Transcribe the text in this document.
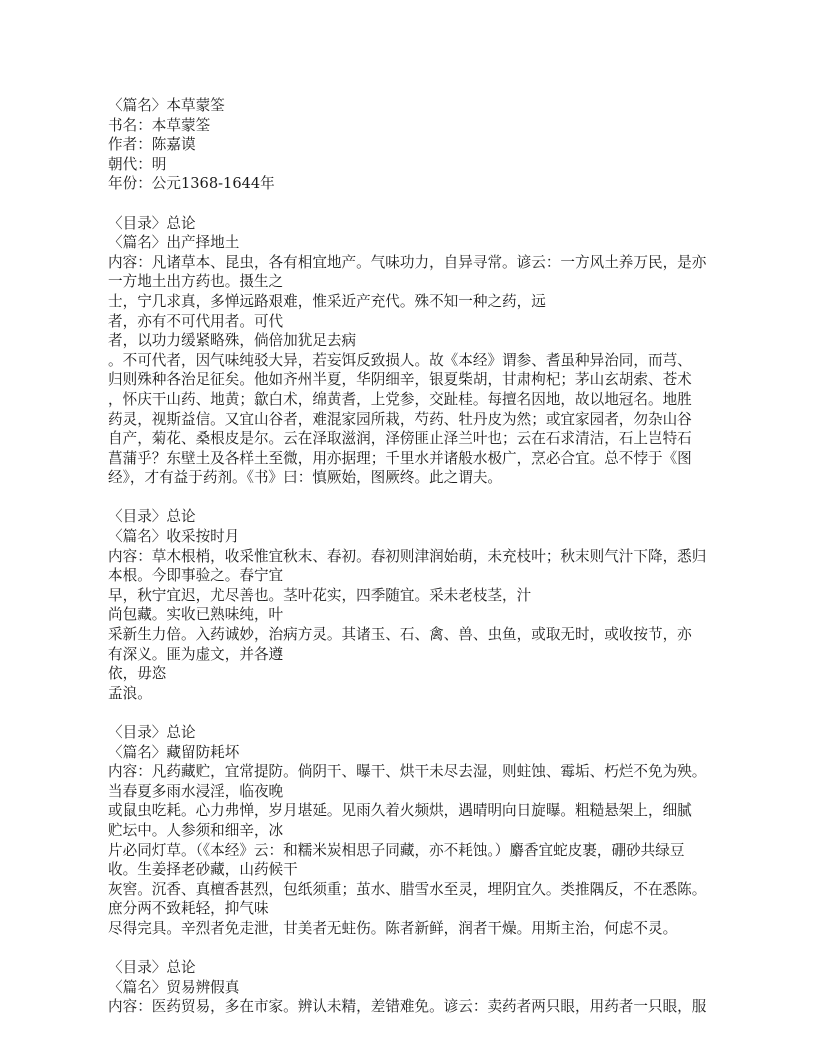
〈篇名〉本草蒙筌
书名：本草蒙筌
作者：陈嘉谟
朝代：明
年份：公元1368-1644年
〈目录〉总论
〈篇名〉出产择地土
内容：凡诸草本、昆虫，各有相宜地产。气味功力，自异寻常。谚云：一方风土养万民，是亦
一方地土出方药也。摄生之
士，宁几求真，多惮远路艰难，惟采近产充代。殊不知一种之药，远
者，亦有不可代用者。可代
者，以功力缓紧略殊，倘倍加犹足去病
。不可代者，因气味纯驳大异，若妄饵反致损人。故《本经》谓参、耆虽种异治同，而芎、
归则殊种各治足征矣。他如齐州半夏，华阴细辛，银夏柴胡，甘肃枸杞；茅山玄胡索、苍术
，怀庆干山药、地黄；歙白术，绵黄耆，上党参，交趾桂。每擅名因地，故以地冠名。地胜
药灵，视斯益信。又宜山谷者，难混家园所栽，芍药、牡丹皮为然；或宜家园者，勿杂山谷
自产，菊花、桑根皮是尔。云在泽取滋润，泽傍匪止泽兰叶也；云在石求清洁，石上岂特石
菖蒲乎？东壁土及各样土至微，用亦据理；千里水并诸般水极广，烹必合宜。总不悖于《图
经》，才有益于药剂。《书》曰：慎厥始，图厥终。此之谓夫。
〈目录〉总论
〈篇名〉收采按时月
内容：草木根梢，收采惟宜秋末、春初。春初则津润始萌，未充枝叶；秋末则气汁下降，悉归
本根。今即事验之。春宁宜
早，秋宁宜迟，尤尽善也。茎叶花实，四季随宜。采未老枝茎，汁
尚包藏。实收已熟味纯，叶
采新生力倍。入药诚妙，治病方灵。其诸玉、石、禽、兽、虫鱼，或取无时，或收按节，亦
有深义。匪为虚文，并各遵
依，毋恣
孟浪。
〈目录〉总论
〈篇名〉藏留防耗坏
内容：凡药藏贮，宜常提防。倘阴干、曝干、烘干未尽去湿，则蛀蚀、霉垢、朽烂不免为殃。
当春夏多雨水浸淫，临夜晚
或鼠虫吃耗。心力弗惮，岁月堪延。见雨久着火频烘，遇晴明向日旋曝。粗糙悬架上，细腻
贮坛中。人参须和细辛，冰
片必同灯草。（《本经》云：和糯米炭相思子同藏，亦不耗蚀。）麝香宜蛇皮裹，硼砂共绿豆
收。生姜择老砂藏，山药候干
灰窖。沉香、真檀香甚烈，包纸须重；茧水、腊雪水至灵，埋阴宜久。类推隅反，不在悉陈。
庶分两不致耗轻，抑气味
尽得完具。辛烈者免走泄，甘美者无蛀伤。陈者新鲜，润者干燥。用斯主治，何虑不灵。
〈目录〉总论
〈篇名〉贸易辨假真
内容：医药贸易，多在市家。辨认未精，差错难免。谚云：卖药者两只眼，用药者一只眼，服
